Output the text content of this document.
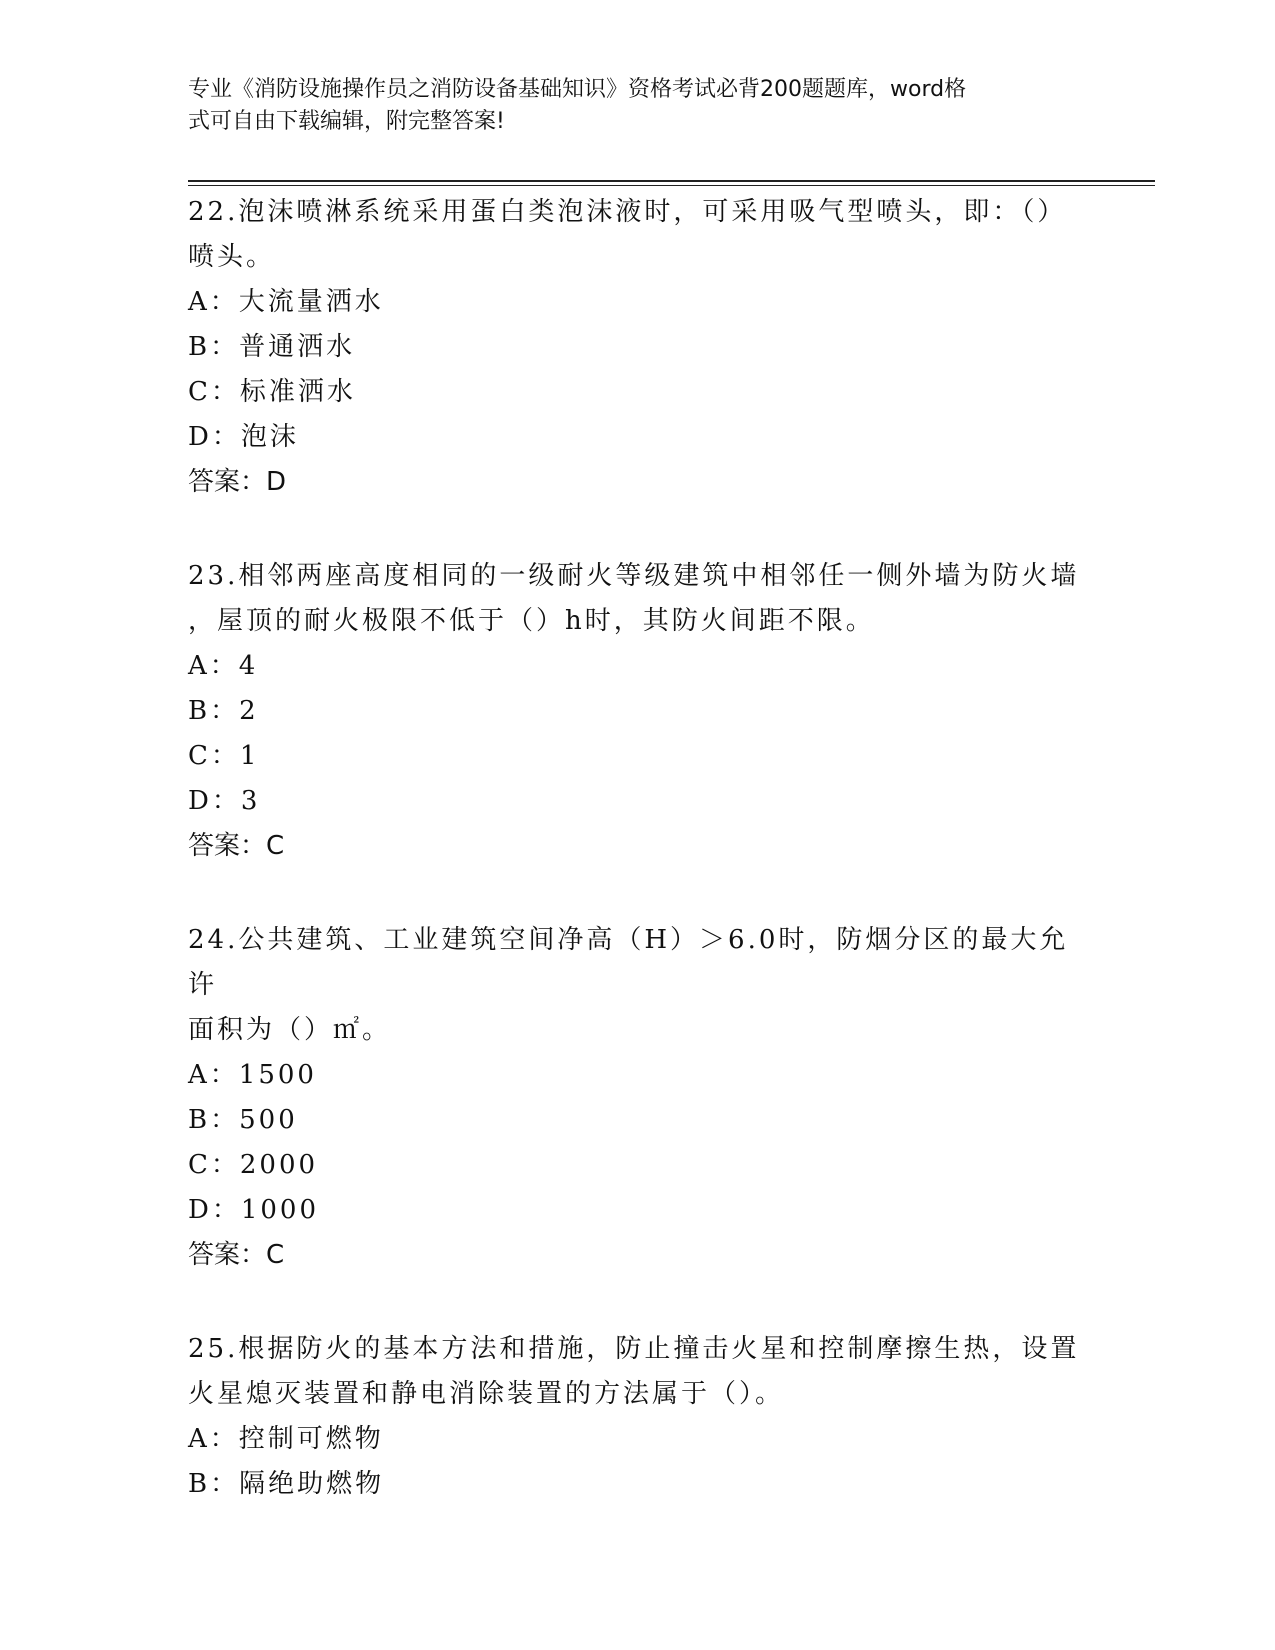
专业《消防设施操作员之消防设备基础知识》资格考试必背200题题库，word格
式可自由下载编辑，附完整答案!
22.泡沫喷淋系统采用蛋白类泡沫液时，可采用吸气型喷头，即：（）
喷头。
A：大流量洒水
B：普通洒水
C：标准洒水
D：泡沫
答案：D
23.相邻两座高度相同的一级耐火等级建筑中相邻任一侧外墙为防火墙
，屋顶的耐火极限不低于（）h时，其防火间距不限。
A：4
B：2
C：1
D：3
答案：C
24.公共建筑、工业建筑空间净高（H）＞6.0时，防烟分区的最大允许
面积为（）㎡。
A：1500
B：500
C：2000
D：1000
答案：C
25.根据防火的基本方法和措施，防止撞击火星和控制摩擦生热，设置
火星熄灭装置和静电消除装置的方法属于（）。
A：控制可燃物
B：隔绝助燃物
